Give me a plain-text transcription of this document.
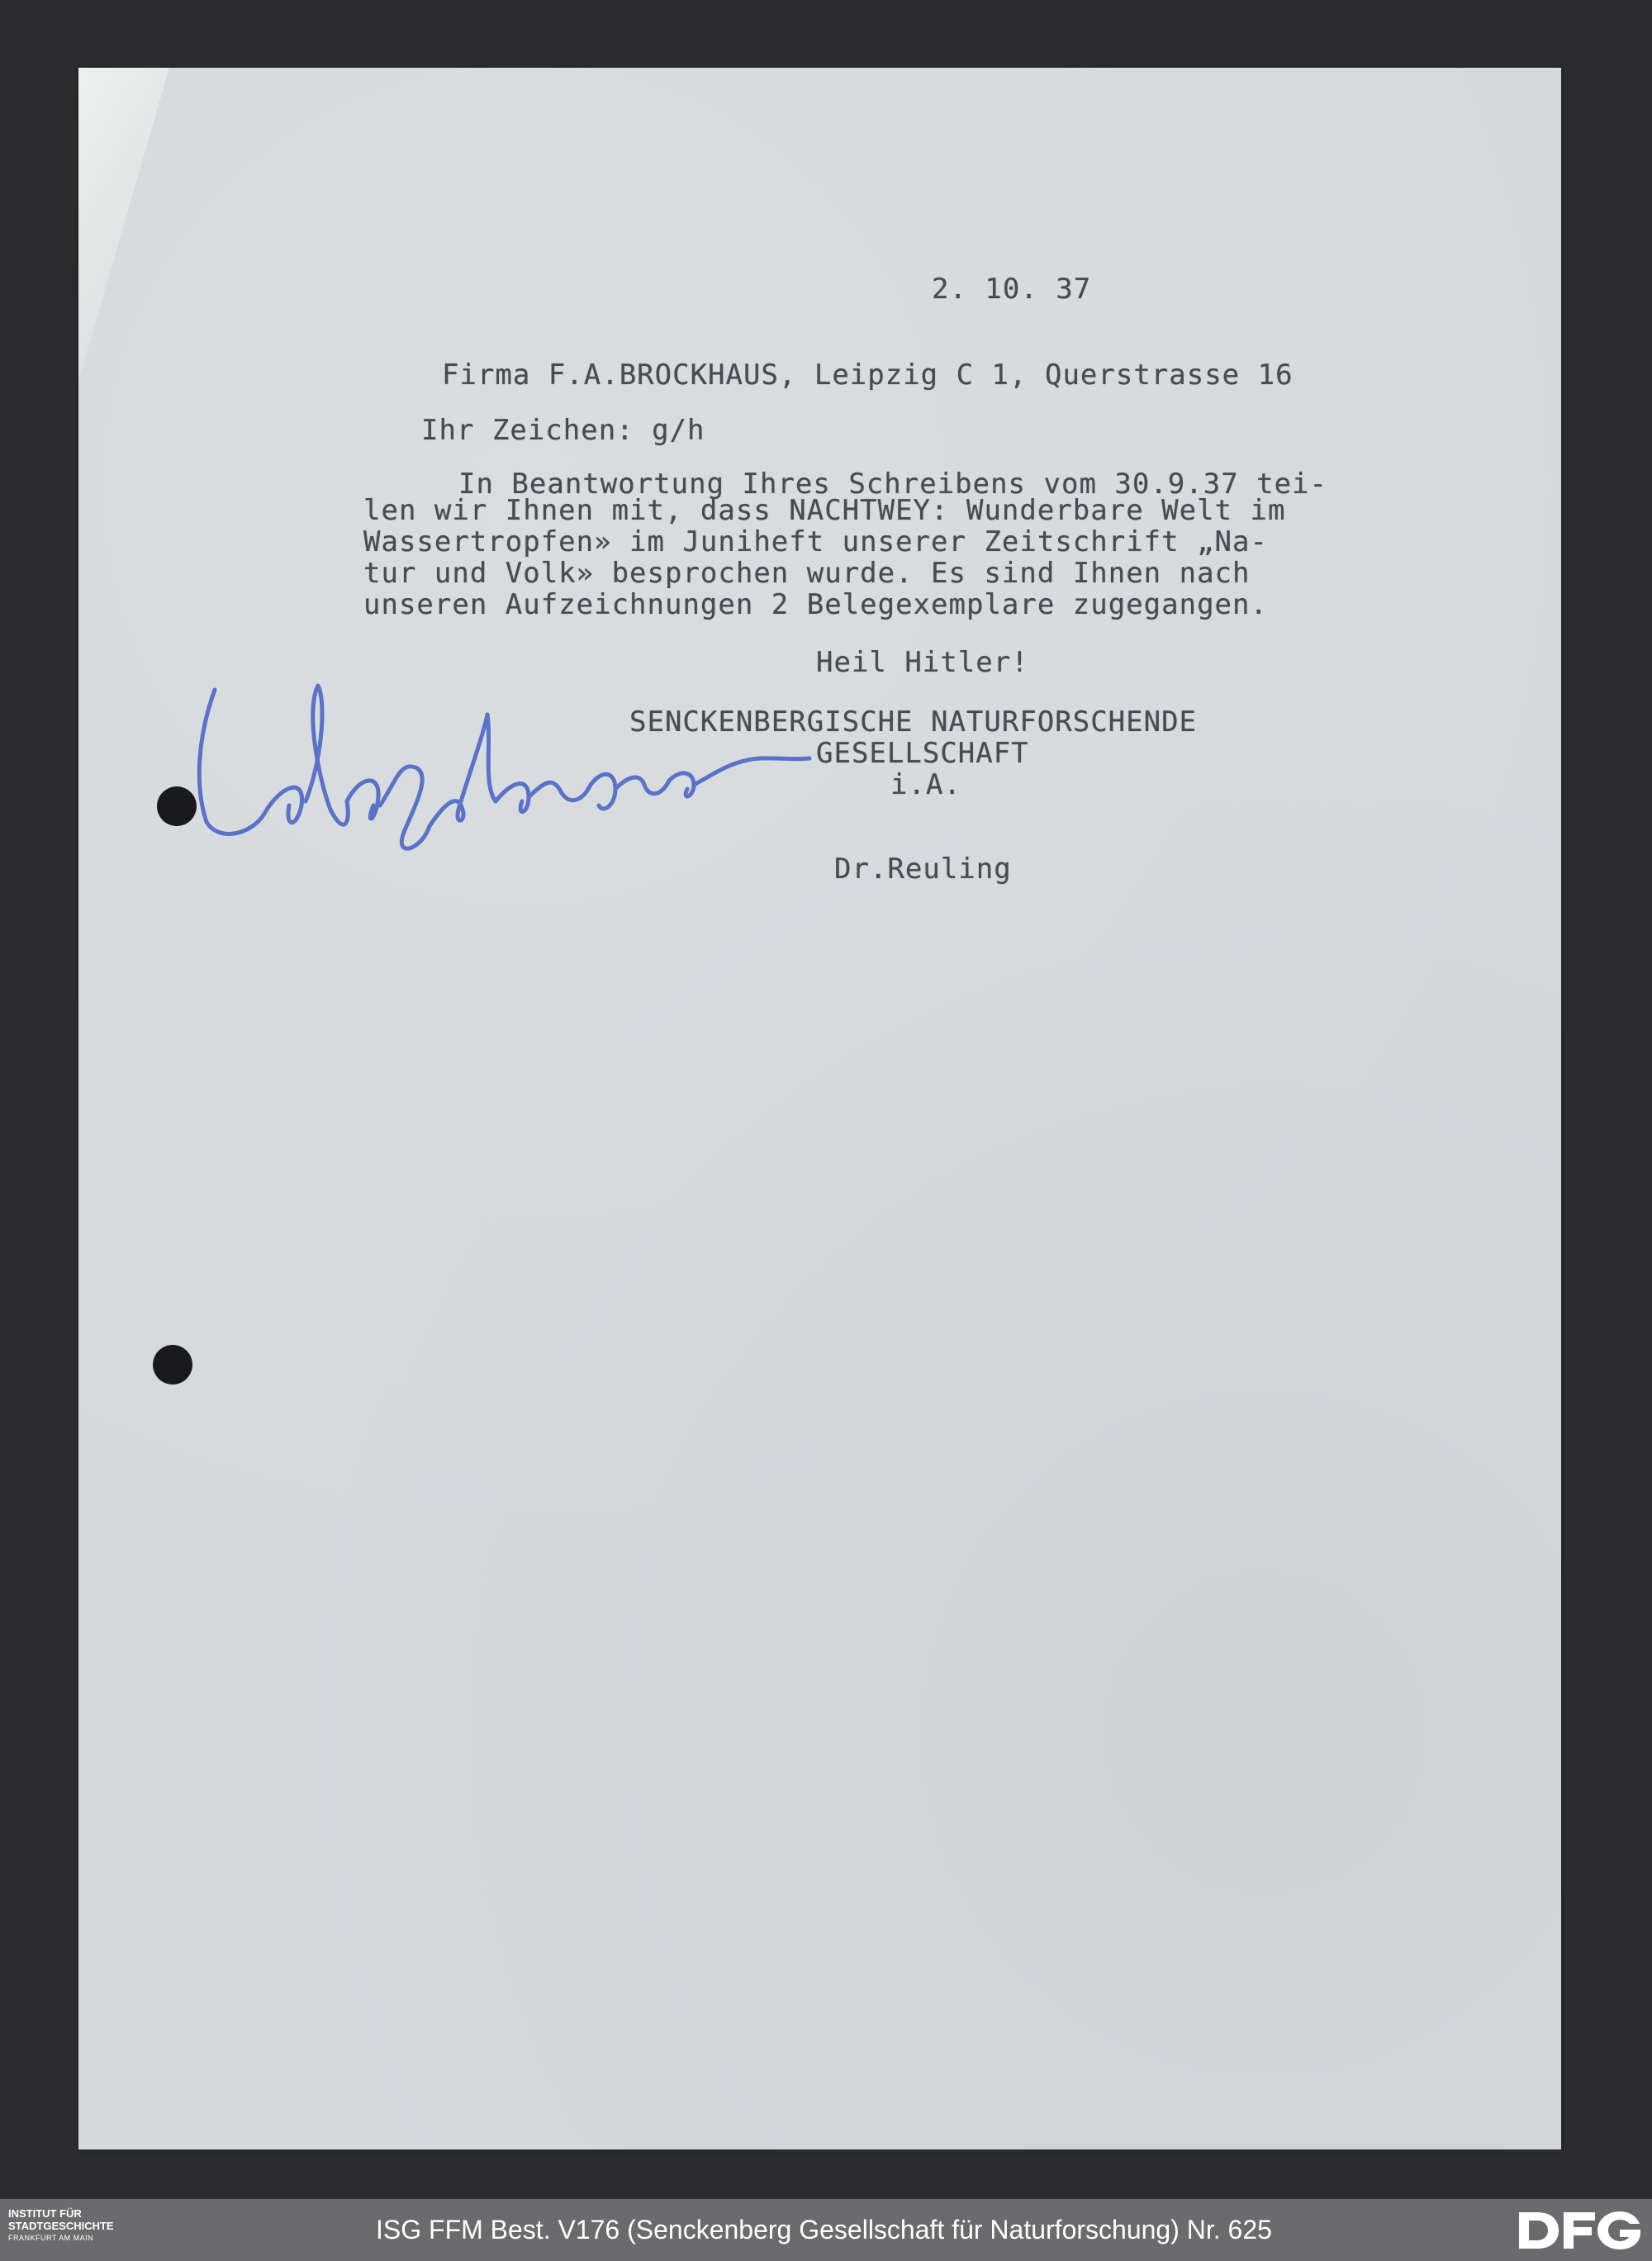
2. 10. 37
Firma F.A.BROCKHAUS, Leipzig C 1, Querstrasse 16
Ihr Zeichen: g/h
In Beantwortung Ihres Schreibens vom 30.9.37 tei-
len wir Ihnen mit, dass NACHTWEY: Wunderbare Welt im
Wassertropfen» im Juniheft unserer Zeitschrift „Na-
tur und Volk» besprochen wurde. Es sind Ihnen nach
unseren Aufzeichnungen 2 Belegexemplare zugegangen.
Heil Hitler!
SENCKENBERGISCHE NATURFORSCHENDE
GESELLSCHAFT
i.A.
Dr.Reuling
INSTITUT FÜR
STADTGESCHICHTE
FRANKFURT AM MAIN	ISG FFM Best. V176 (Senckenberg Gesellschaft für Naturforschung) Nr. 625
